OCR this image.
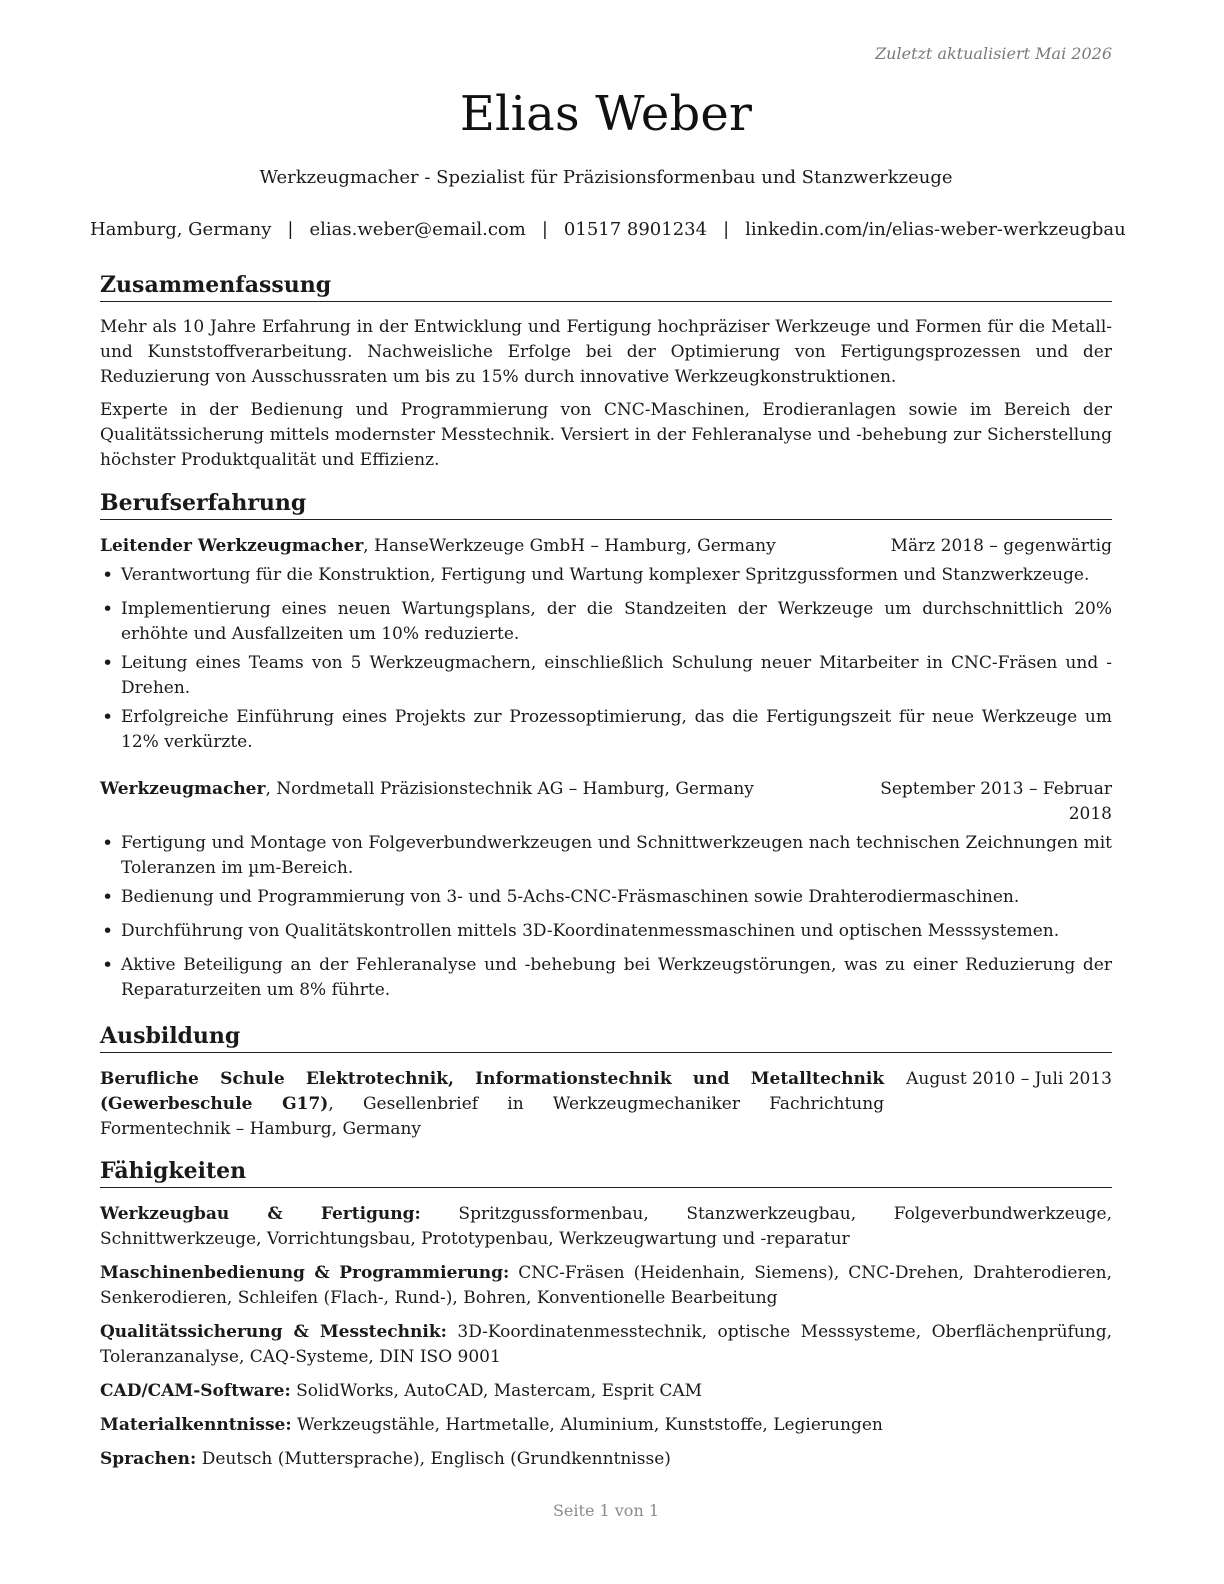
Zuletzt aktualisiert Mai 2026
Elias Weber
Werkzeugmacher - Spezialist für Präzisionsformenbau und Stanzwerkzeuge
Hamburg, Germany | elias.weber@email.com | 01517 8901234 | linkedin.com/in/elias-weber-werkzeugbau
Zusammenfassung

Mehr als 10 Jahre Erfahrung in der Entwicklung und Fertigung hochpräziser Werkzeuge und Formen für die Metall- und Kunststoffverarbeitung. Nachweisliche Erfolge bei der Optimierung von Fertigungsprozessen und der Reduzierung von Ausschussraten um bis zu 15% durch innovative Werkzeugkonstruktionen.

Experte in der Bedienung und Programmierung von CNC-Maschinen, Erodieranlagen sowie im Bereich der Qualitätssicherung mittels modernster Messtechnik. Versiert in der Fehleranalyse und -behebung zur Sicherstellung höchster Produktqualität und Effizienz.

Berufserfahrung
Leitender Werkzeugmacher, HanseWerkzeuge GmbH – Hamburg, Germany	März 2018 – gegenwärtig
• Verantwortung für die Konstruktion, Fertigung und Wartung komplexer Spritzgussformen und Stanzwerkzeuge.
• Implementierung eines neuen Wartungsplans, der die Standzeiten der Werkzeuge um durchschnittlich 20% erhöhte und Ausfallzeiten um 10% reduzierte.
• Leitung eines Teams von 5 Werkzeugmachern, einschließlich Schulung neuer Mitarbeiter in CNC-Fräsen und -Drehen.
• Erfolgreiche Einführung eines Projekts zur Prozessoptimierung, das die Fertigungszeit für neue Werkzeuge um 12% verkürzte.
Werkzeugmacher, Nordmetall Präzisionstechnik AG – Hamburg, Germany	September 2013 – Februar
2018
• Fertigung und Montage von Folgeverbundwerkzeugen und Schnittwerkzeugen nach technischen Zeichnungen mit Toleranzen im µm-Bereich.
• Bedienung und Programmierung von 3- und 5-Achs-CNC-Fräsmaschinen sowie Drahterodiermaschinen.
• Durchführung von Qualitätskontrollen mittels 3D-Koordinatenmessmaschinen und optischen Messsystemen.
• Aktive Beteiligung an der Fehleranalyse und -behebung bei Werkzeugstörungen, was zu einer Reduzierung der Reparaturzeiten um 8% führte.
Ausbildung
Berufliche Schule Elektrotechnik, Informationstechnik und Metalltechnik (Gewerbeschule G17), Gesellenbrief in Werkzeugmechaniker Fachrichtung Formentechnik – Hamburg, Germany
August 2010 – Juli 2013
Fähigkeiten
Werkzeugbau & Fertigung: Spritzgussformenbau, Stanzwerkzeugbau, Folgeverbundwerkzeuge, Schnittwerkzeuge, Vorrichtungsbau, Prototypenbau, Werkzeugwartung und -reparatur
Maschinenbedienung & Programmierung: CNC-Fräsen (Heidenhain, Siemens), CNC-Drehen, Drahterodieren, Senkerodieren, Schleifen (Flach-, Rund-), Bohren, Konventionelle Bearbeitung
Qualitätssicherung & Messtechnik: 3D-Koordinatenmesstechnik, optische Messsysteme, Oberflächenprüfung, Toleranzanalyse, CAQ-Systeme, DIN ISO 9001
CAD/CAM-Software: SolidWorks, AutoCAD, Mastercam, Esprit CAM
Materialkenntnisse: Werkzeugstähle, Hartmetalle, Aluminium, Kunststoffe, Legierungen
Sprachen: Deutsch (Muttersprache), Englisch (Grundkenntnisse)
Seite 1 von 1
